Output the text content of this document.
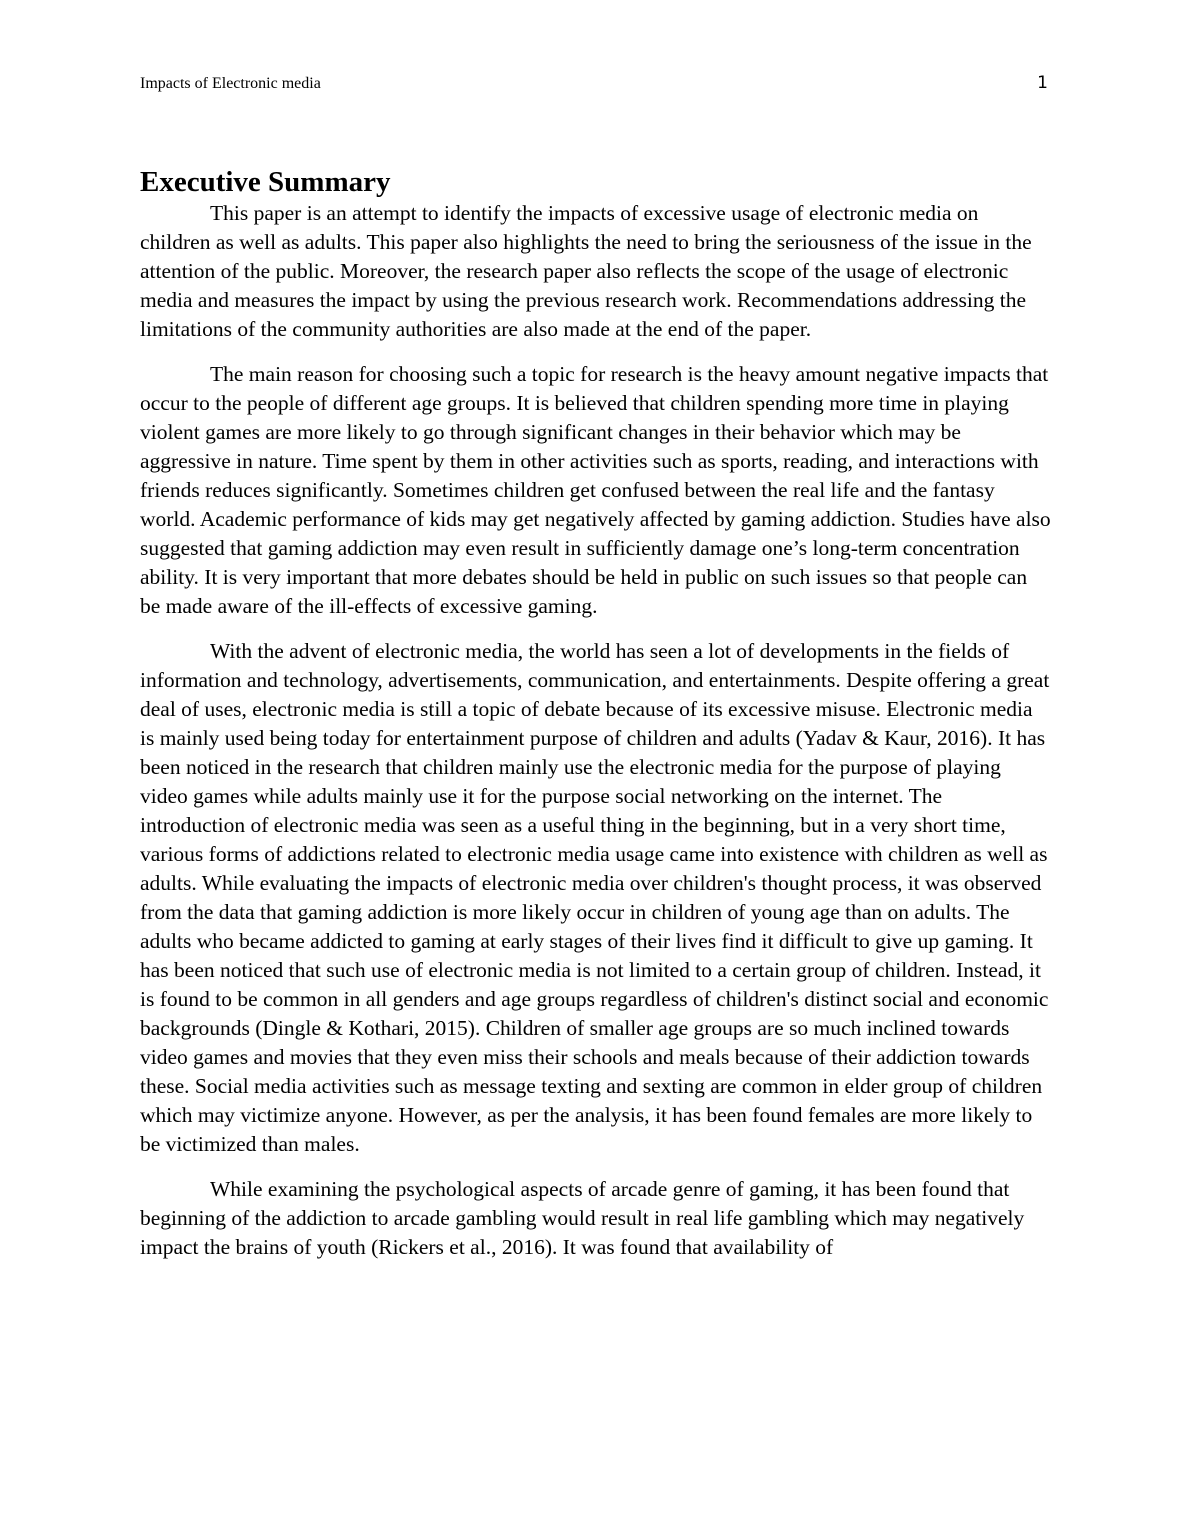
Impacts of Electronic media	1
Executive Summary

This paper is an attempt to identify the impacts of excessive usage of electronic media on children as well as adults. This paper also highlights the need to bring the seriousness of the issue in the attention of the public. Moreover, the research paper also reflects the scope of the usage of electronic media and measures the impact by using the previous research work. Recommendations addressing the limitations of the community authorities are also made at the end of the paper.

The main reason for choosing such a topic for research is the heavy amount negative impacts that occur to the people of different age groups. It is believed that children spending more time in playing violent games are more likely to go through significant changes in their behavior which may be aggressive in nature. Time spent by them in other activities such as sports, reading, and interactions with friends reduces significantly. Sometimes children get confused between the real life and the fantasy world. Academic performance of kids may get negatively affected by gaming addiction. Studies have also suggested that gaming addiction may even result in sufficiently damage one’s long-term concentration ability. It is very important that more debates should be held in public on such issues so that people can be made aware of the ill-effects of excessive gaming.

With the advent of electronic media, the world has seen a lot of developments in the fields of information and technology, advertisements, communication, and entertainments. Despite offering a great deal of uses, electronic media is still a topic of debate because of its excessive misuse. Electronic media is mainly used being today for entertainment purpose of children and adults (Yadav & Kaur, 2016). It has been noticed in the research that children mainly use the electronic media for the purpose of playing video games while adults mainly use it for the purpose social networking on the internet. The introduction of electronic media was seen as a useful thing in the beginning, but in a very short time, various forms of addictions related to electronic media usage came into existence with children as well as adults. While evaluating the impacts of electronic media over children's thought process, it was observed from the data that gaming addiction is more likely occur in children of young age than on adults. The adults who became addicted to gaming at early stages of their lives find it difficult to give up gaming. It has been noticed that such use of electronic media is not limited to a certain group of children. Instead, it is found to be common in all genders and age groups regardless of children's distinct social and economic backgrounds (Dingle & Kothari, 2015). Children of smaller age groups are so much inclined towards video games and movies that they even miss their schools and meals because of their addiction towards these. Social media activities such as message texting and sexting are common in elder group of children which may victimize anyone. However, as per the analysis, it has been found females are more likely to be victimized than males.

While examining the psychological aspects of arcade genre of gaming, it has been found that beginning of the addiction to arcade gambling would result in real life gambling which may negatively impact the brains of youth (Rickers et al., 2016). It was found that availability of
